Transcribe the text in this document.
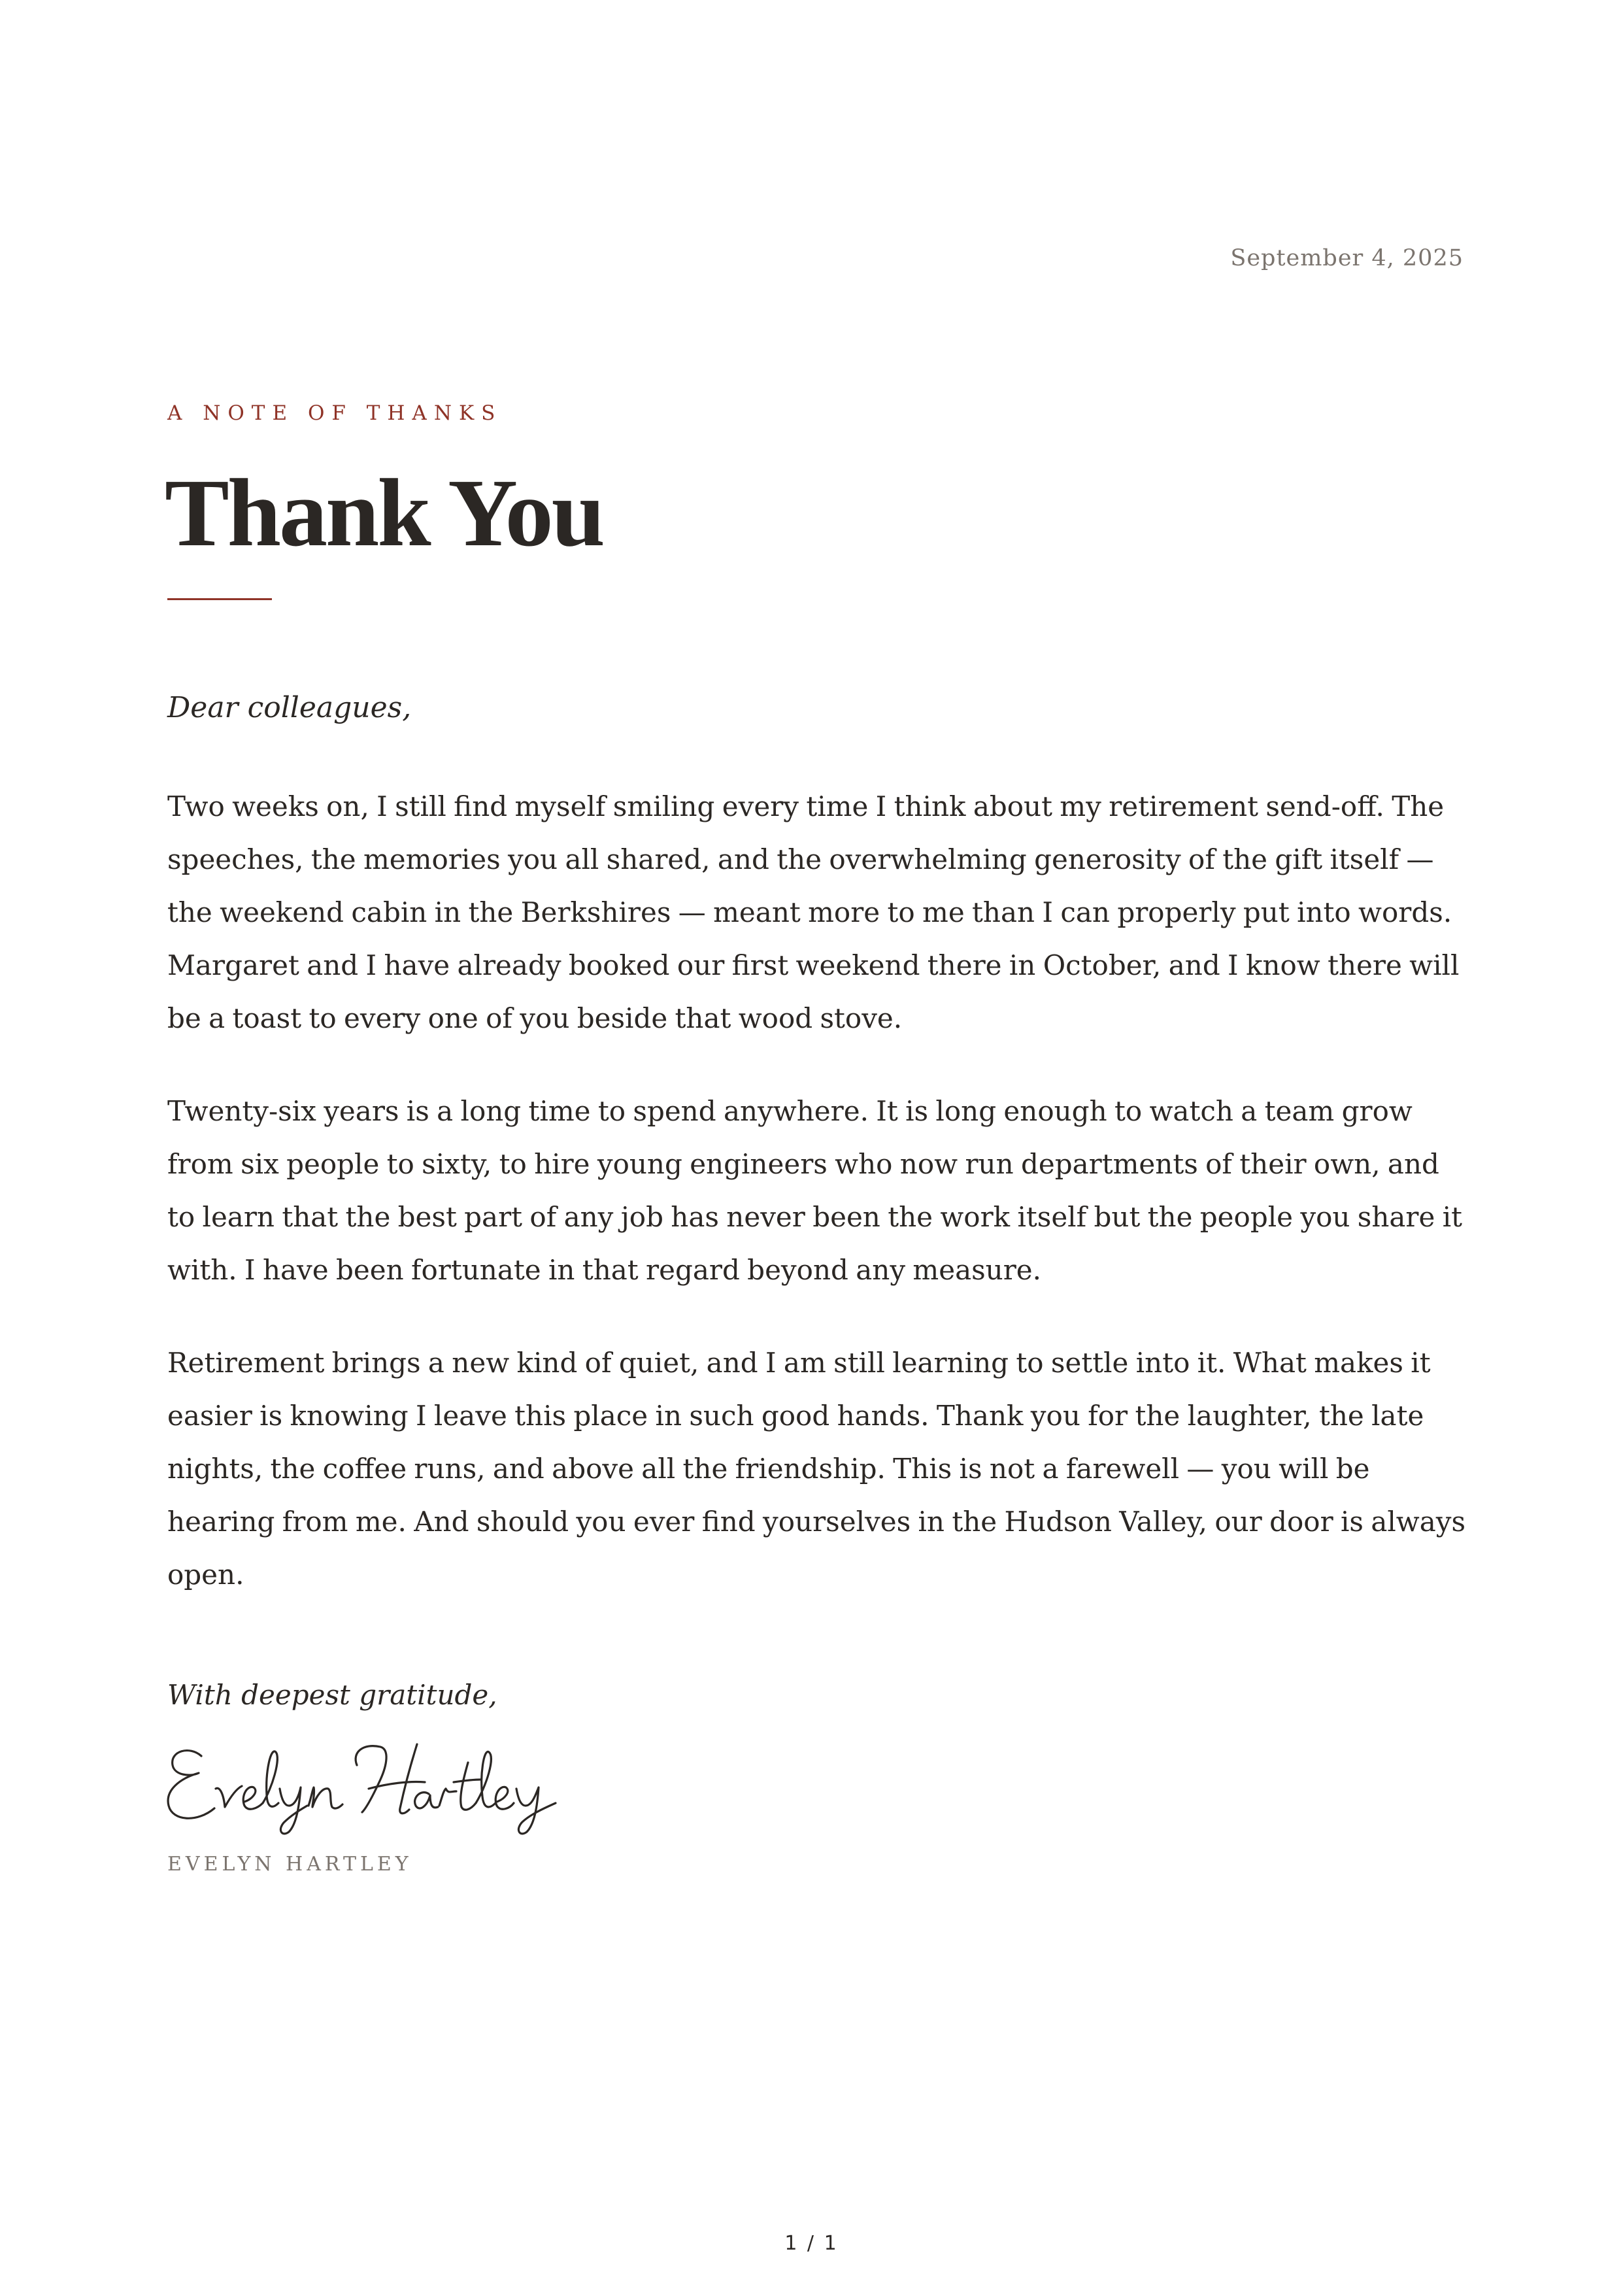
September 4, 2025
A NOTE OF THANKS
Thank You
Dear colleagues,

Two weeks on, I still find myself smiling every time I think about my retirement send-off. The speeches, the memories you all shared, and the overwhelming generosity of the gift itself — the weekend cabin in the Berkshires — meant more to me than I can properly put into words. Margaret and I have already booked our first weekend there in October, and I know there will be a toast to every one of you beside that wood stove.

Twenty-six years is a long time to spend anywhere. It is long enough to watch a team grow from six people to sixty, to hire young engineers who now run departments of their own, and to learn that the best part of any job has never been the work itself but the people you share it with. I have been fortunate in that regard beyond any measure.

Retirement brings a new kind of quiet, and I am still learning to settle into it. What makes it easier is knowing I leave this place in such good hands. Thank you for the laughter, the late nights, the coffee runs, and above all the friendship. This is not a farewell — you will be hearing from me. And should you ever find yourselves in the Hudson Valley, our door is always open.

With deepest gratitude,
EVELYN HARTLEY
1 / 1
